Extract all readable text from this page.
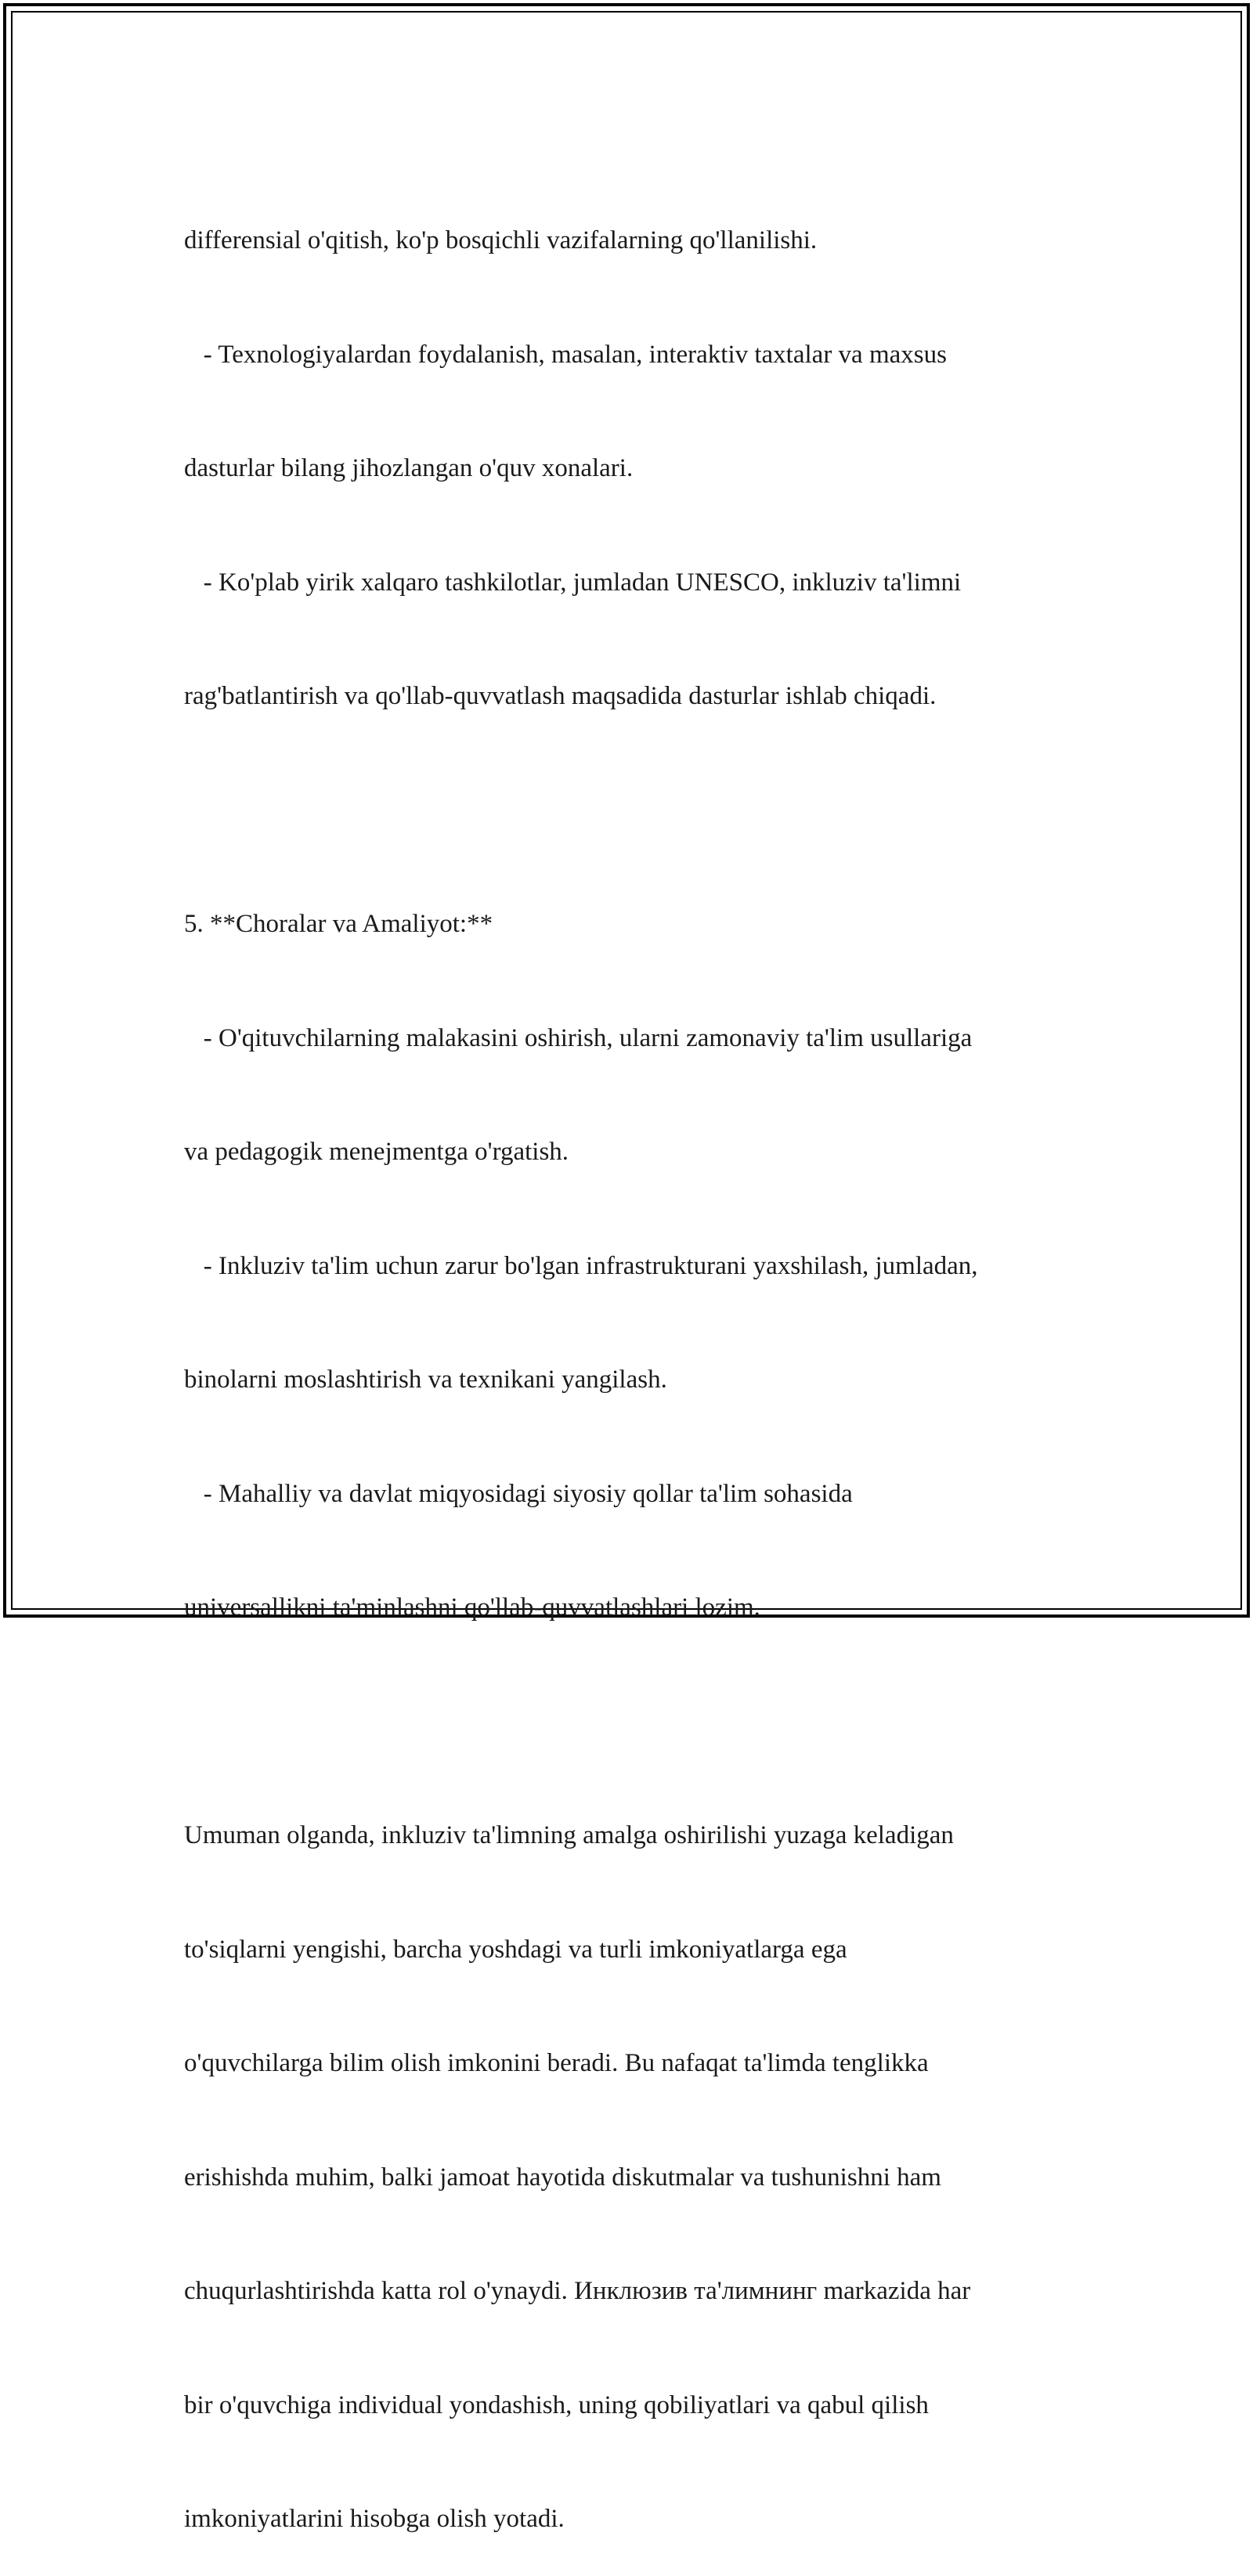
differensial o'qitish, ko'p bosqichli vazifalarning qo'llanilishi.

- Texnologiyalardan foydalanish, masalan, interaktiv taxtalar va maxsus

dasturlar bilang jihozlangan o'quv xonalari.

- Ko'plab yirik xalqaro tashkilotlar, jumladan UNESCO, inkluziv ta'limni

rag'batlantirish va qo'llab-quvvatlash maqsadida dasturlar ishlab chiqadi.

5. **Choralar va Amaliyot:**

- O'qituvchilarning malakasini oshirish, ularni zamonaviy ta'lim usullariga

va pedagogik menejmentga o'rgatish.

- Inkluziv ta'lim uchun zarur bo'lgan infrastrukturani yaxshilash, jumladan,

binolarni moslashtirish va texnikani yangilash.

- Mahalliy va davlat miqyosidagi siyosiy qollar ta'lim sohasida

universallikni ta'minlashni qo'llab-quvvatlashlari lozim.

Umuman olganda, inkluziv ta'limning amalga oshirilishi yuzaga keladigan

to'siqlarni yengishi, barcha yoshdagi va turli imkoniyatlarga ega

o'quvchilarga bilim olish imkonini beradi. Bu nafaqat ta'limda tenglikka

erishishda muhim, balki jamoat hayotida diskutmalar va tushunishni ham

chuqurlashtirishda katta rol o'ynaydi. Инклюзив та'лимнинг markazida har

bir o'quvchiga individual yondashish, uning qobiliyatlari va qabul qilish

imkoniyatlarini hisobga olish yotadi.
